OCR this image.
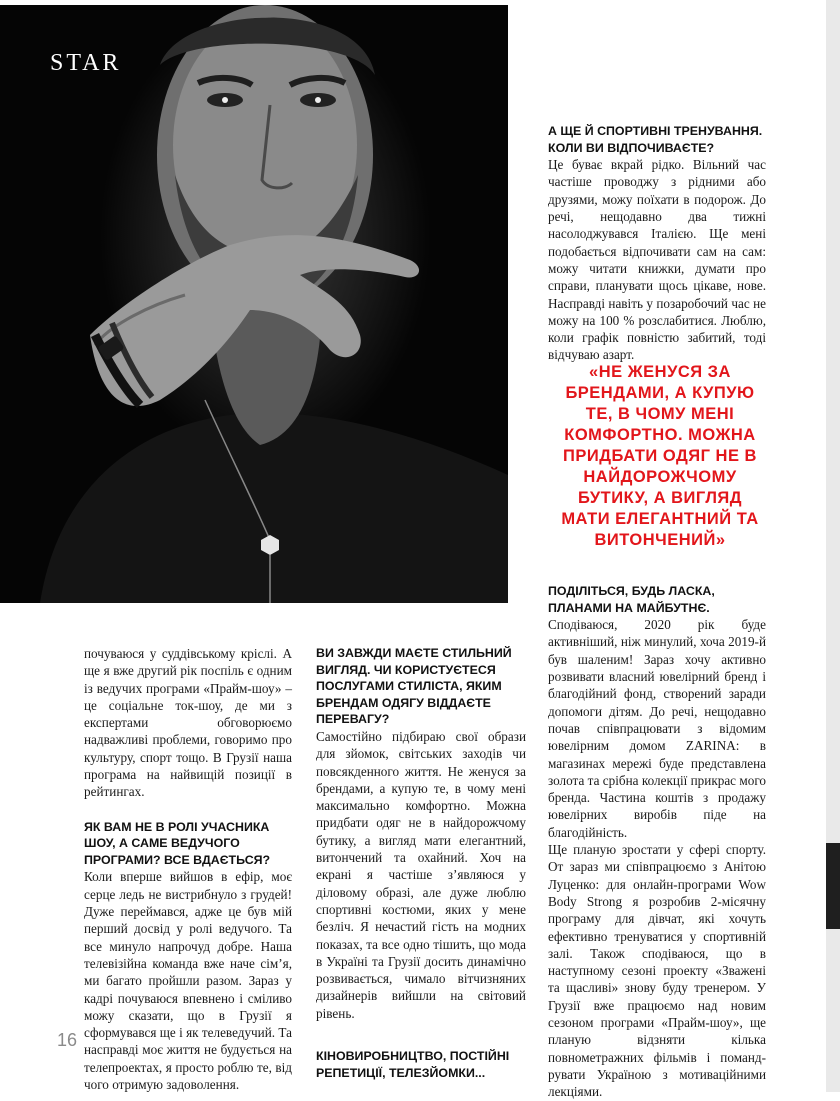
STAR

почуваюся у суддівському кріслі. А ще я вже другий рік поспіль є одним із ведучих програми «Прайм-шоу» – це соціальне ток-шоу, де ми з експертами обговорюємо надважливі проблеми, говоримо про культуру, спорт тощо. В Грузії наша програма на найвищій позиції в рейтингах.

ЯК ВАМ НЕ В РОЛІ УЧАСНИКА ШОУ, А САМЕ ВЕДУЧОГО ПРОГРАМИ? ВСЕ ВДАЄТЬСЯ?

Коли вперше вийшов в ефір, моє серце ледь не вистрибнуло з грудей! Дуже переймався, адже це був мій перший досвід у ролі ведучого. Та все минуло напрочуд добре. Наша телевізійна команда вже наче сім’я, ми багато пройшли разом. Зараз у кадрі почуваюся впевнено і сміливо можу сказати, що в Грузії я сформувався ще і як телеведучий. Та насправді моє життя не будується на телепроектах, я просто роблю те, від чого отримую задоволення.

ВИ ЗАВЖДИ МАЄТЕ СТИЛЬНИЙ ВИГЛЯД. ЧИ КОРИСТУЄТЕСЯ ПОСЛУГАМИ СТИЛІСТА, ЯКИМ БРЕНДАМ ОДЯГУ ВІДДАЄТЕ ПЕРЕВАГУ?

Самостійно підбираю свої образи для зйомок, світських заходів чи повсякденного життя. Не женуся за брендами, а купую те, в чому мені максимально комфортно. Можна придбати одяг не в найдорожчому бутику, а вигляд мати елегантний, витончений та охайний. Хоч на екрані я частіше з’являюся у діловому образі, але дуже люблю спортивні костюми, яких у мене безліч. Я нечастий гість на модних показах, та все одно тішить, що мода в Україні та Грузії досить динамічно розвивається, чимало вітчизняних дизайнерів вийшли на світовий рівень.

КІНОВИРОБНИЦТВО, ПОСТІЙНІ РЕПЕТИЦІЇ, ТЕЛЕЗЙОМКИ...

А ЩЕ Й СПОРТИВНІ ТРЕНУВАННЯ. КОЛИ ВИ ВІДПОЧИВАЄТЕ?

Це буває вкрай рідко. Вільний час частіше проводжу з рідними або друзями, можу поїхати в подорож. До речі, нещодавно два тижні насолоджувався Італією. Ще мені подобається відпочивати сам на сам: можу читати книжки, думати про справи, планувати щось цікаве, нове. Насправді навіть у позаробочий час не можу на 100 % розслабитися. Люблю, коли графік повністю забитий, тоді відчуваю азарт.

«НЕ ЖЕНУСЯ ЗА БРЕНДАМИ, А КУПУЮ ТЕ, В ЧОМУ МЕНІ КОМФОРТНО. МОЖНА ПРИДБАТИ ОДЯГ НЕ В НАЙДОРОЖЧОМУ БУТИКУ, А ВИГЛЯД МАТИ ЕЛЕГАНТНИЙ ТА ВИТОНЧЕНИЙ»

ПОДІЛІТЬСЯ, БУДЬ ЛАСКА, ПЛАНАМИ НА МАЙБУТНЄ.

Сподіваюся, 2020 рік буде активніший, ніж минулий, хоча 2019-й був шаленим! Зараз хочу активно розвивати власний ювелірний бренд і благодійний фонд, створений заради допомоги дітям. До речі, нещодавно почав співпрацювати з відомим ювелірним домом ZARINA: в магазинах мережі буде представлена золота та срібна колекції прикрас мого бренда. Частина коштів з продажу ювелірних виробів піде на благодійність.

Ще планую зростати у сфері спорту. От зараз ми співпрацюємо з Анітою Луценко: для онлайн-програми Wow Body Strong я розробив 2-місячну програму для дівчат, які хочуть ефективно тренуватися у спортивній залі. Також сподіваюся, що в наступному сезоні проекту «Зважені та щасливі» знову буду тренером. У Грузії вже працюємо над новим сезоном програми «Прайм-шоу», ще планую відзняти кілька повнометражних фільмів і помандрувати Україною з мотиваційними лекціями.

16
